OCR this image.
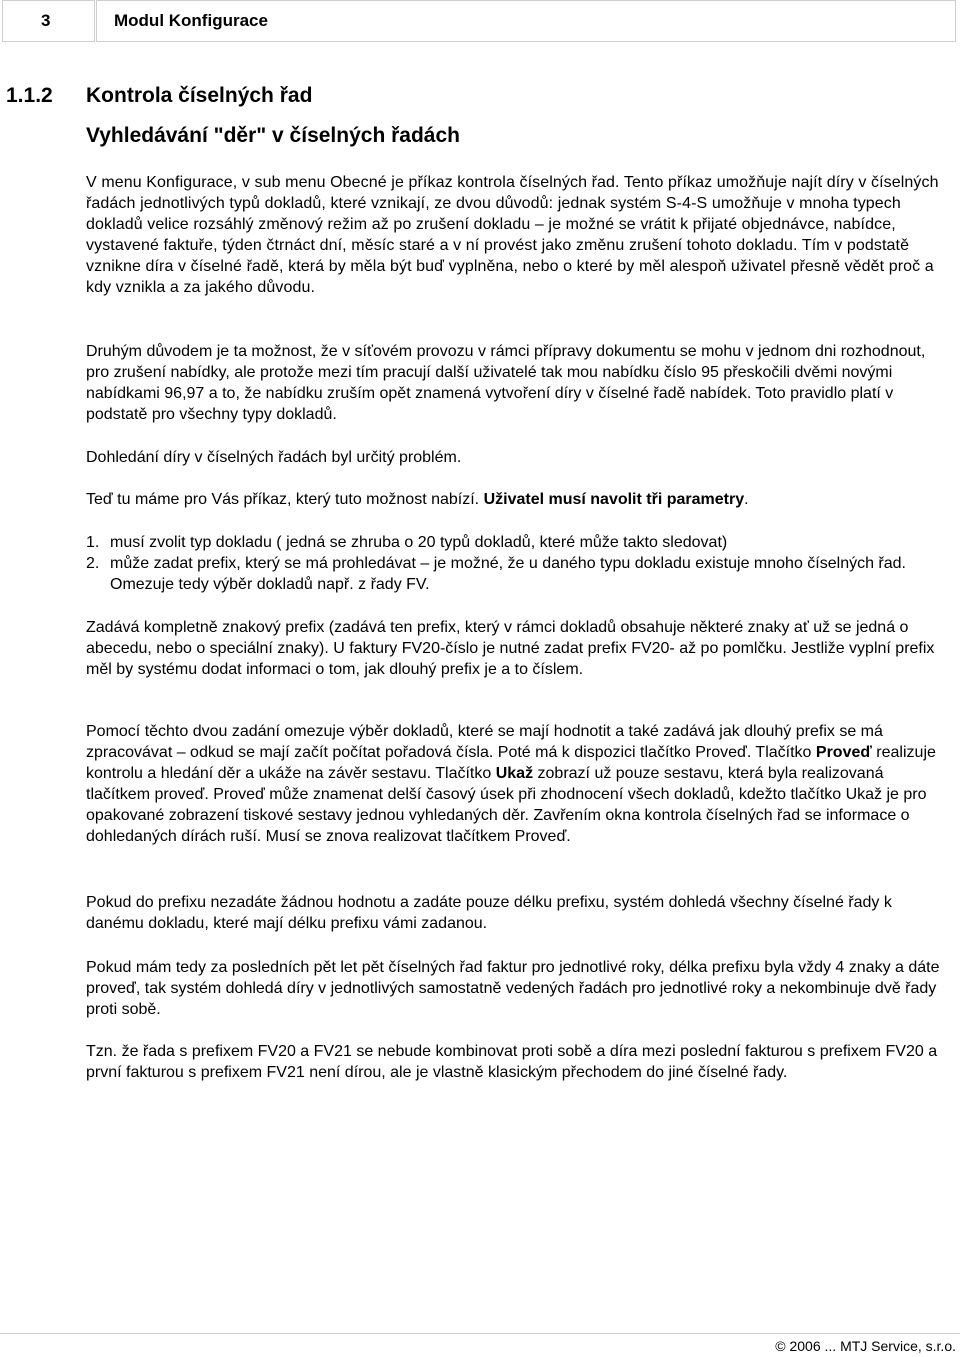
3	Modul Konfigurace
1.1.2 Kontrola číselných řad
Vyhledávání "děr" v číselných řadách

V menu Konfigurace, v sub menu Obecné je příkaz kontrola číselných řad. Tento příkaz umožňuje najít díry v číselných řadách jednotlivých typů dokladů, které vznikají, ze dvou důvodů: jednak systém S-4-S umožňuje v mnoha typech dokladů velice rozsáhlý změnový režim až po zrušení dokladu – je možné se vrátit k přijaté objednávce, nabídce, vystavené faktuře, týden čtrnáct dní, měsíc staré a v ní provést jako změnu zrušení tohoto dokladu. Tím v podstatě vznikne díra v číselné řadě, která by měla být buď vyplněna, nebo o které by měl alespoň uživatel přesně vědět proč a kdy vznikla a za jakého důvodu.

Druhým důvodem je ta možnost, že v síťovém provozu v rámci přípravy dokumentu se mohu v jednom dni rozhodnout, pro zrušení nabídky, ale protože mezi tím pracují další uživatelé tak mou nabídku číslo 95 přeskočili dvěmi novými nabídkami 96,97 a to, že nabídku zruším opět znamená vytvoření díry v číselné řadě nabídek. Toto pravidlo platí v podstatě pro všechny typy dokladů.

Dohledání díry v číselných řadách byl určitý problém.

Teď tu máme pro Vás příkaz, který tuto možnost nabízí. Uživatel musí navolit tři parametry.

1. musí zvolit typ dokladu ( jedná se zhruba o 20 typů dokladů, které může takto sledovat)
2. může zadat prefix, který se má prohledávat – je možné, že u daného typu dokladu existuje mnoho číselných řad. Omezuje tedy výběr dokladů např. z řady FV.

Zadává kompletně znakový prefix (zadává ten prefix, který v rámci dokladů obsahuje některé znaky ať už se jedná o abecedu, nebo o speciální znaky). U faktury FV20-číslo je nutné zadat prefix FV20- až po pomlčku. Jestliže vyplní prefix měl by systému dodat informaci o tom, jak dlouhý prefix je a to číslem.

Pomocí těchto dvou zadání omezuje výběr dokladů, které se mají hodnotit a také zadává jak dlouhý prefix se má zpracovávat – odkud se mají začít počítat pořadová čísla. Poté má k dispozici tlačítko Proveď. Tlačítko Proveď realizuje kontrolu a hledání děr a ukáže na závěr sestavu. Tlačítko Ukaž zobrazí už pouze sestavu, která byla realizovaná tlačítkem proveď. Proveď může znamenat delší časový úsek při zhodnocení všech dokladů, kdežto tlačítko Ukaž je pro opakované zobrazení tiskové sestavy jednou vyhledaných děr. Zavřením okna kontrola číselných řad se informace o dohledaných dírách ruší. Musí se znova realizovat tlačítkem Proveď.

Pokud do prefixu nezadáte žádnou hodnotu a zadáte pouze délku prefixu, systém dohledá všechny číselné řady k danému dokladu, které mají délku prefixu vámi zadanou.

Pokud mám tedy za posledních pět let pět číselných řad faktur pro jednotlivé roky, délka prefixu byla vždy 4 znaky a dáte proveď, tak systém dohledá díry v jednotlivých samostatně vedených řadách pro jednotlivé roky a nekombinuje dvě řady proti sobě.

Tzn. že řada s prefixem FV20 a FV21 se nebude kombinovat proti sobě a díra mezi poslední fakturou s prefixem FV20 a první fakturou s prefixem FV21 není dírou, ale je vlastně klasickým přechodem do jiné číselné řady.

© 2006 ... MTJ Service, s.r.o.
